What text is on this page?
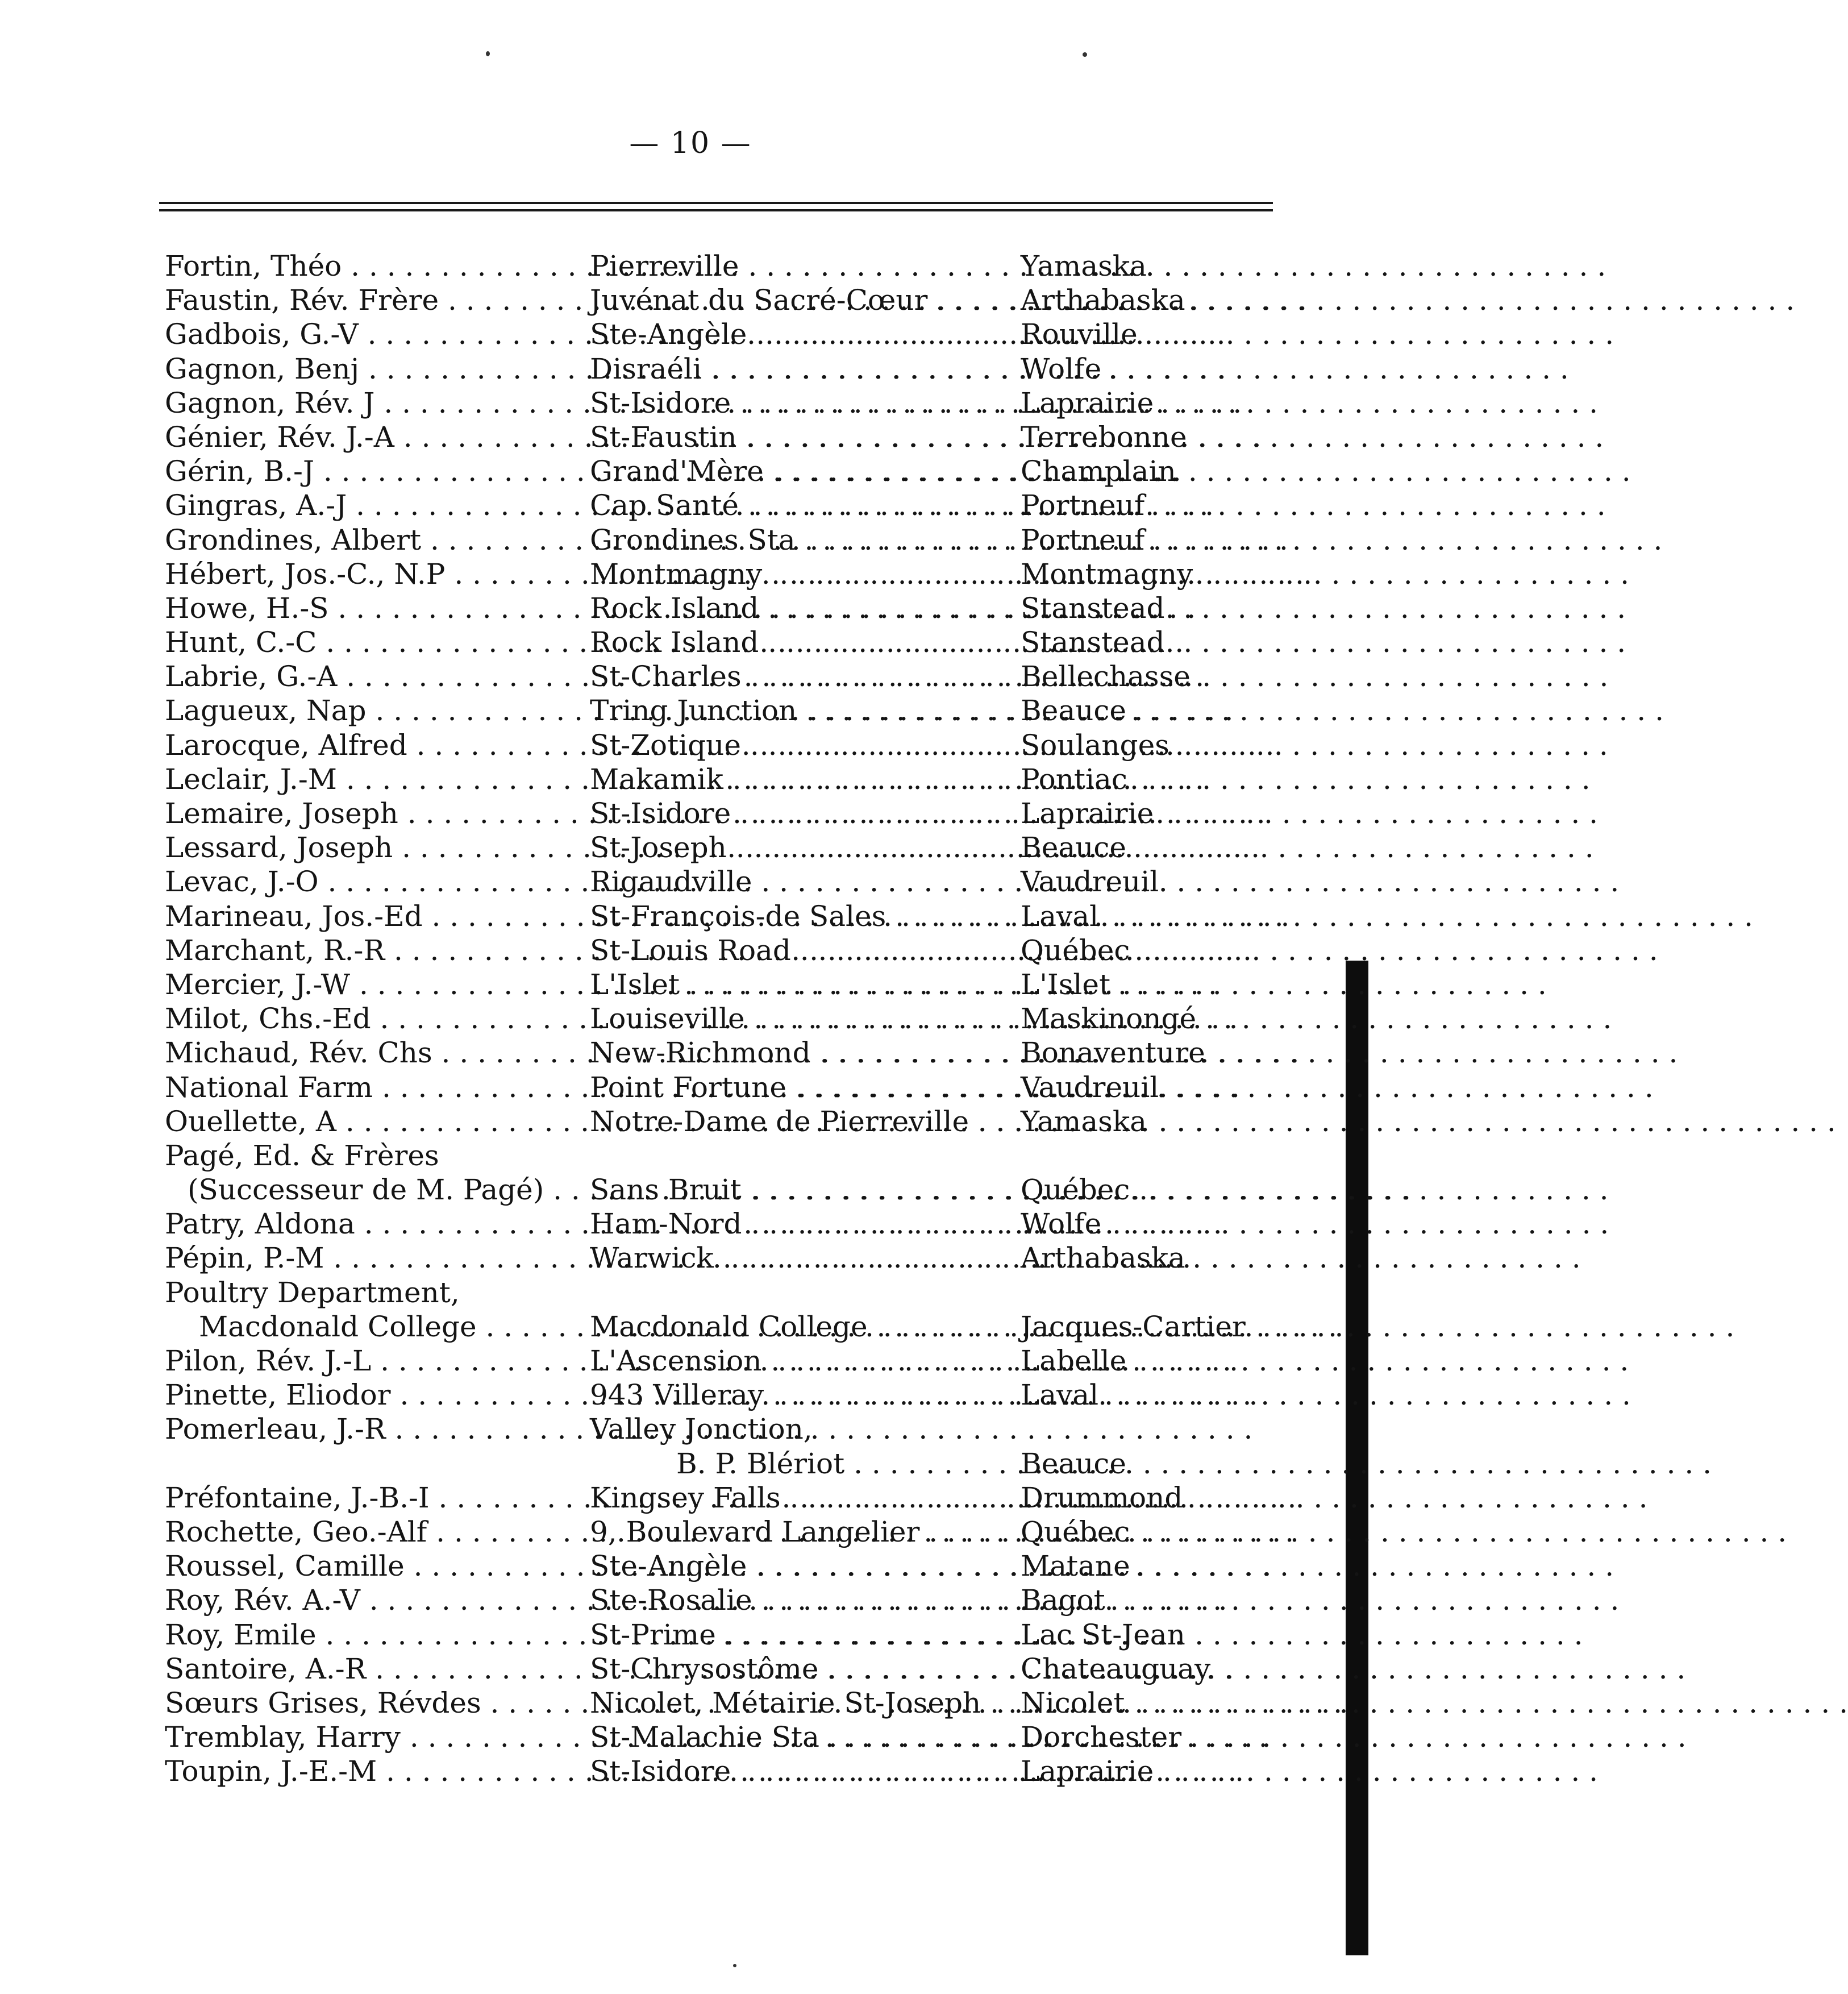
— 10 —
Fortin, Théo . . .	Pierreville . . .	Yamaska
Faustin, Rév. Frère . . .	Juvénat du Sacré-Cœur . . .	Arthabaska
Gadbois, G.-V . . .	Ste-Angèle . . .	Rouville
Gagnon, Benj . . .	Disraéli . . .	Wolfe
Gagnon, Rév. J . . .	St-Isidore . . .	Laprairie
Génier, Rév. J.-A . . .	St-Faustin . . .	Terrebonne
Gérin, B.-J . . .	Grand'Mère . . .	Champlain
Gingras, A.-J . . .	Cap Santé . . .	Portneuf
Grondines, Albert . . .	Grondines Sta . . .	Portneuf
Hébert, Jos.-C., N.P . . .	Montmagny . . .	Montmagny
Howe, H.-S . . .	Rock Island . . .	Stanstead
Hunt, C.-C . . .	Rock Island . . .	Stanstead
Labrie, G.-A . . .	St-Charles . . .	Bellechasse
Lagueux, Nap . . .	Tring Junction . . .	Beauce
Larocque, Alfred . . .	St-Zotique . . .	Soulanges
Leclair, J.-M . . .	Makamik . . .	Pontiac
Lemaire, Joseph . . .	St-Isidore . . .	Laprairie
Lessard, Joseph . . .	St-Joseph . . .	Beauce
Levac, J.-O . . .	Rigaudville . . .	Vaudreuil
Marineau, Jos.-Ed . . .	St-François-de Sales . . .	Laval
Marchant, R.-R . . .	St-Louis Road . . .	Québec
Mercier, J.-W . . .	L'Islet . . .	L'Islet
Milot, Chs.-Ed . . .	Louiseville . . .	Maskinongé
Michaud, Rév. Chs . . .	New-Richmond . . .	Bonaventure
National Farm . . .	Point Fortune . . .	Vaudreuil
Ouellette, A . . .	Notre-Dame de Pierreville . . .	Yamaska
Pagé, Ed. & Frères
(Successeur de M. Pagé) . . .	Sans Bruit . . .	Québec...
Patry, Aldona . . .	Ham-Nord . . .	Wolfe
Pépin, P.-M . . .	Warwick . . .	Arthabaska
Poultry Department,
Macdonald College . . .	Macdonald College . . .	Jacques-Cartier
Pilon, Rév. J.-L . . .	L'Ascension . . .	Labelle
Pinette, Eliodor . . .	943 Villeray . . .	Laval
Pomerleau, J.-R . . .	Valley Jonction,
B. P. Blériot . . .	Beauce
Préfontaine, J.-B.-I . . .	Kingsey Falls . . .	Drummond
Rochette, Geo.-Alf . . .	9, Boulevard Langelier . . .	Québec
Roussel, Camille . . .	Ste-Angèle . . .	Matane
Roy, Rév. A.-V . . .	Ste-Rosalie . . .	Bagot
Roy, Emile . . .	St-Prime . . .	Lac St-Jean
Santoire, A.-R . . .	St-Chrysostôme . . .	Chateauguay
Sœurs Grises, Révdes . . .	Nicolet, Métairie St-Joseph . . .	Nicolet
Tremblay, Harry . . .	St-Malachie Sta . . .	Dorchester
Toupin, J.-E.-M . . .	St-Isidore . . .	Laprairie
